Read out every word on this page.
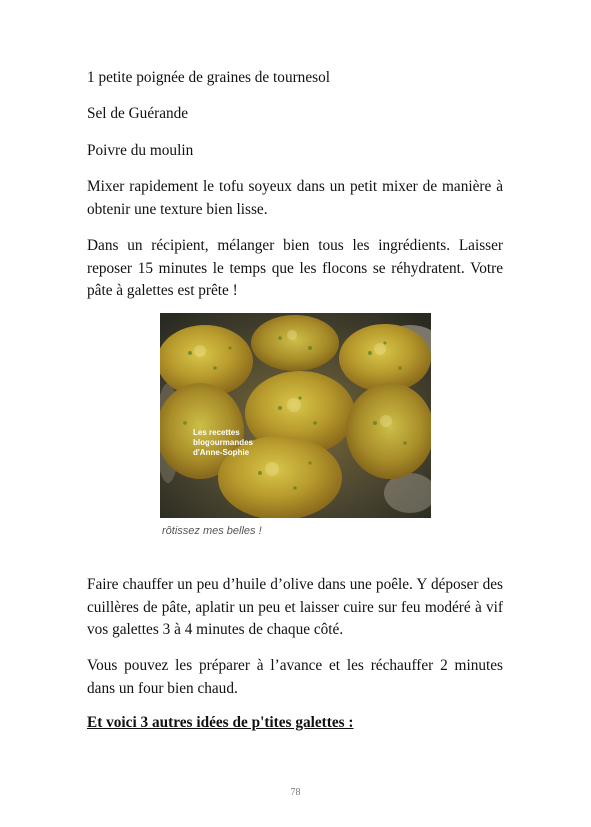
1 petite poignée de graines de tournesol

Sel de Guérande

Poivre du moulin

Mixer rapidement le tofu soyeux dans un petit mixer de manière à obtenir une texture bien lisse.

Dans un récipient, mélanger bien tous les ingrédients. Laisser reposer 15 minutes le temps que les flocons se réhydratent. Votre pâte à galettes est prête !

Les recettes
blogourmandes
d'Anne-Sophie
rôtissez mes belles !

Faire chauffer un peu d’huile d’olive dans une poêle. Y déposer des cuillères de pâte, aplatir un peu et laisser cuire sur feu modéré à vif vos galettes 3 à 4 minutes de chaque côté.

Vous pouvez les préparer à l’avance et les réchauffer 2 minutes dans un four bien chaud.

Et voici 3 autres idées de p'tites galettes :

78
